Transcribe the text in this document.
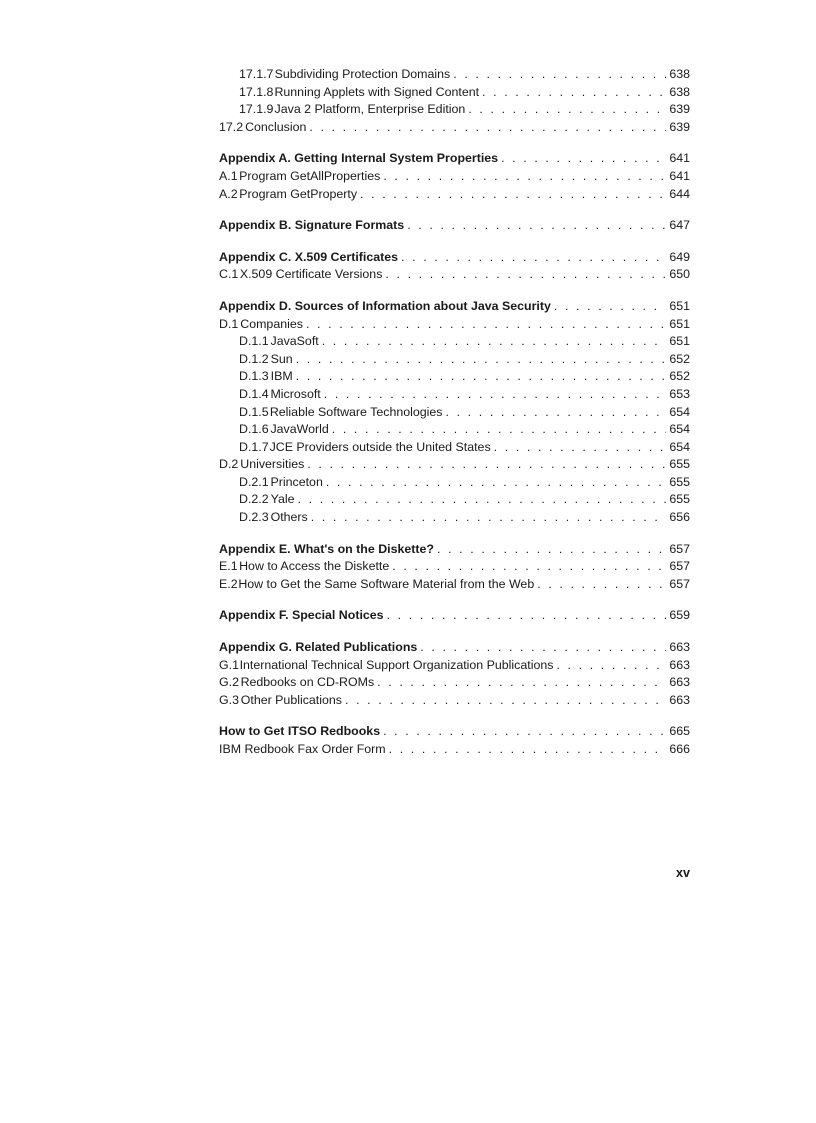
17.1.7 Subdividing Protection Domains . . .	638
17.1.8 Running Applets with Signed Content . . .	638
17.1.9 Java 2 Platform, Enterprise Edition . . .	639
17.2 Conclusion . . .	639
Appendix A. Getting Internal System Properties . . .	641
A.1 Program GetAllProperties . . .	641
A.2 Program GetProperty . . .	644
Appendix B. Signature Formats . . .	647
Appendix C. X.509 Certificates . . .	649
C.1 X.509 Certificate Versions . . .	650
Appendix D. Sources of Information about Java Security . . .	651
D.1 Companies . . .	651
D.1.1 JavaSoft . . .	651
D.1.2 Sun . . .	652
D.1.3 IBM . . .	652
D.1.4 Microsoft . . .	653
D.1.5 Reliable Software Technologies . . .	654
D.1.6 JavaWorld . . .	654
D.1.7 JCE Providers outside the United States . . .	654
D.2 Universities . . .	655
D.2.1 Princeton . . .	655
D.2.2 Yale . . .	655
D.2.3 Others . . .	656
Appendix E. What's on the Diskette? . . .	657
E.1 How to Access the Diskette . . .	657
E.2 How to Get the Same Software Material from the Web . . .	657
Appendix F. Special Notices . . .	659
Appendix G. Related Publications . . .	663
G.1 International Technical Support Organization Publications . . .	663
G.2 Redbooks on CD-ROMs . . .	663
G.3 Other Publications . . .	663
How to Get ITSO Redbooks . . .	665
IBM Redbook Fax Order Form . . .	666
xv
